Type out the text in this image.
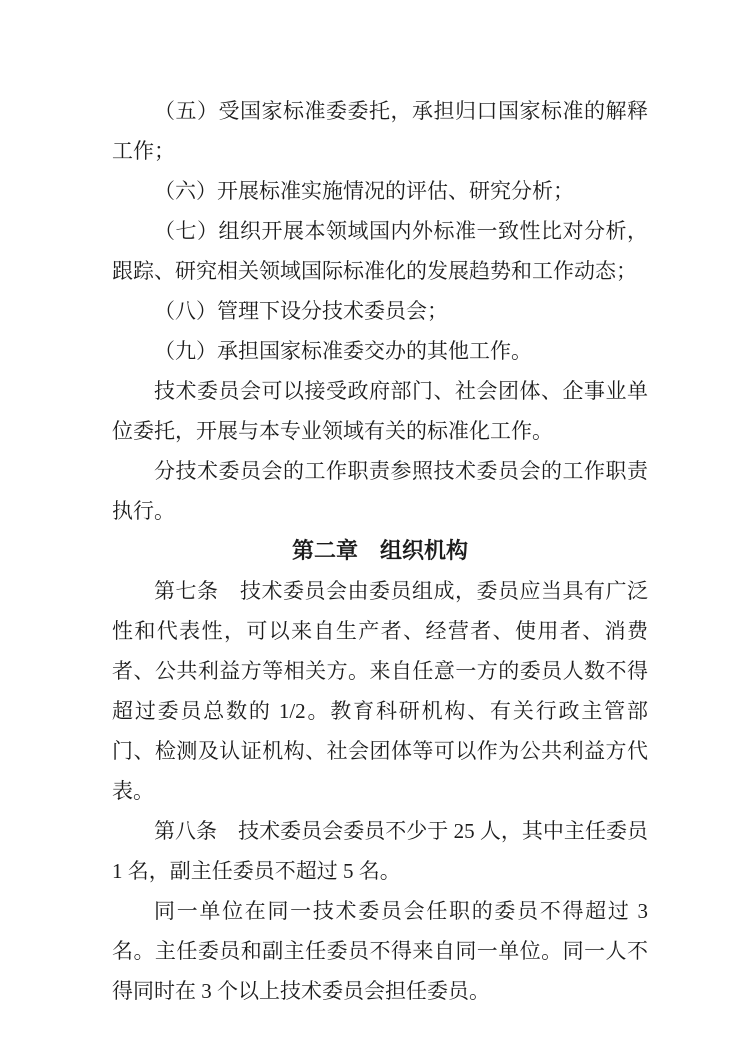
（五）受国家标准委委托，承担归口国家标准的解释工作；

（六）开展标准实施情况的评估、研究分析；

（七）组织开展本领域国内外标准一致性比对分析，跟踪、研究相关领域国际标准化的发展趋势和工作动态；

（八）管理下设分技术委员会；

（九）承担国家标准委交办的其他工作。

技术委员会可以接受政府部门、社会团体、企事业单位委托，开展与本专业领域有关的标准化工作。

分技术委员会的工作职责参照技术委员会的工作职责执行。

第二章　组织机构

第七条　技术委员会由委员组成，委员应当具有广泛性和代表性，可以来自生产者、经营者、使用者、消费者、公共利益方等相关方。来自任意一方的委员人数不得超过委员总数的 1/2。教育科研机构、有关行政主管部门、检测及认证机构、社会团体等可以作为公共利益方代表。

第八条　技术委员会委员不少于 25 人，其中主任委员 1 名，副主任委员不超过 5 名。

同一单位在同一技术委员会任职的委员不得超过 3 名。主任委员和副主任委员不得来自同一单位。同一人不得同时在 3 个以上技术委员会担任委员。
